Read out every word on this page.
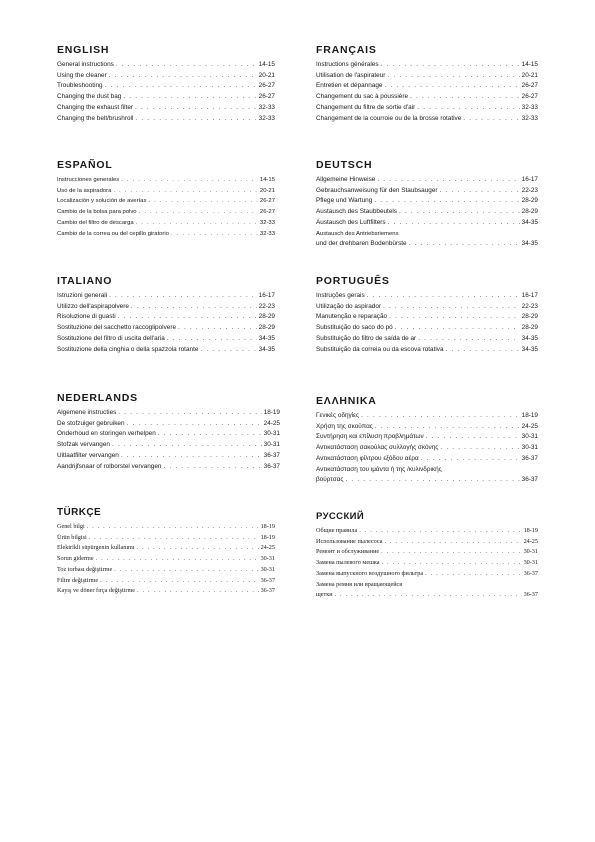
ENGLISH
General instructions . . .	14-15
Using the cleaner . . .	20-21
Troubleshooting . . .	26-27
Changing the dust bag . . .	26-27
Changing the exhaust filter . . .	32-33
Changing the belt/brushroll . . .	32-33
FRANÇAIS
Instructions générales . . .	14-15
Utilisation de l'aspirateur . . .	20-21
Entretien et dépannage . . .	26-27
Changement du sac à poussière . . .	26-27
Changement du filtre de sortie d'air . . .	32-33
Changement de la courroie ou de la brosse rotative . . .	32-33
ESPAÑOL
Instrucciones generales . . .	14-15
Uso de la aspiradora . . .	20-21
Localización y solución de averías . . .	26-27
Cambio de la bolsa para polvo . . .	26-27
Cambio del filtro de descarga . . .	32-33
Cambio de la correa ou del cepillo giratorio . . .	32-33
DEUTSCH
Allgemeine Hinweise . . .	16-17
Gebrauchsanweisung für den Staubsauger . . .	22-23
Pflege und Wartung . . .	28-29
Austausch des Staubbeutels . . .	28-29
Austausch des Luftfilters . . .	34-35
Austausch des Antriebsriemens
und der drehbaren Bodenbürste . . .	34-35
ITALIANO
Istruzioni generali . . .	16-17
Utilizzo dell'aspirapolvere . . .	22-23
Risoluzione di guasti . . .	28-29
Sostituzione del sacchetto raccoglipolvere . . .	28-29
Sostituzione del filtro di uscita dell'aria . . .	34-35
Sostituzione della cinghia o della spazzola rotante . . .	34-35
PORTUGUÊS
Instruções gerais . . .	16-17
Utilização do aspirador . . .	22-23
Manutenção e reparação . . .	28-29
Substituição do saco do pó . . .	28-29
Substituição do filtro de saída de ar . . .	34-35
Substituição da correia ou da escova rotativa . . .	34-35
NEDERLANDS
Algemene instructies . . .	18-19
De stofzuiger gebruiken . . .	24-25
Onderhoud en storingen verhelpen . . .	30-31
Stofzak vervangen . . .	30-31
Uitlaatfilter vervangen . . .	36-37
Aandrijfsnaar of rolborstel vervangen . . .	36-37
ΕΛΛΗΝΙΚΑ
Γενικές οδηγίες . . .	18-19
Χρήση της σκούπας . . .	24-25
Συντήρηση και επίλυση προβλημάτων . . .	30-31
Αντικατάσταση σακούλας συλλογής σκόνης . . .	30-31
Αντικατάσταση φίλτρου εξόδου αέρα . . .	36-37
Αντικατάσταση του ιμάντα ή της /κυλινδρικής
βούρτσας . . .	36-37
TÜRKÇE
Genel bilgi . . .	18-19
Ürün bilgisi . . .	18-19
Elektrikli süpürgenin kullanımı . . .	24-25
Sorun giderme . . .	30-31
Toz torbası değiştirme . . .	30-31
Filtre değiştirme . . .	36-37
Kayış ve döner fırça değiştirme . . .	36-37
РУССКИЙ
Общие правила . . .	18-19
Использование пылесоса . . .	24-25
Ремонт и обслуживание . . .	30-31
Замена пылевого мешка . . .	30-31
Замена выпускного воздушного фильтра . . .	36-37
Замена ремня или вращающейся
щетки . . .	36-37
